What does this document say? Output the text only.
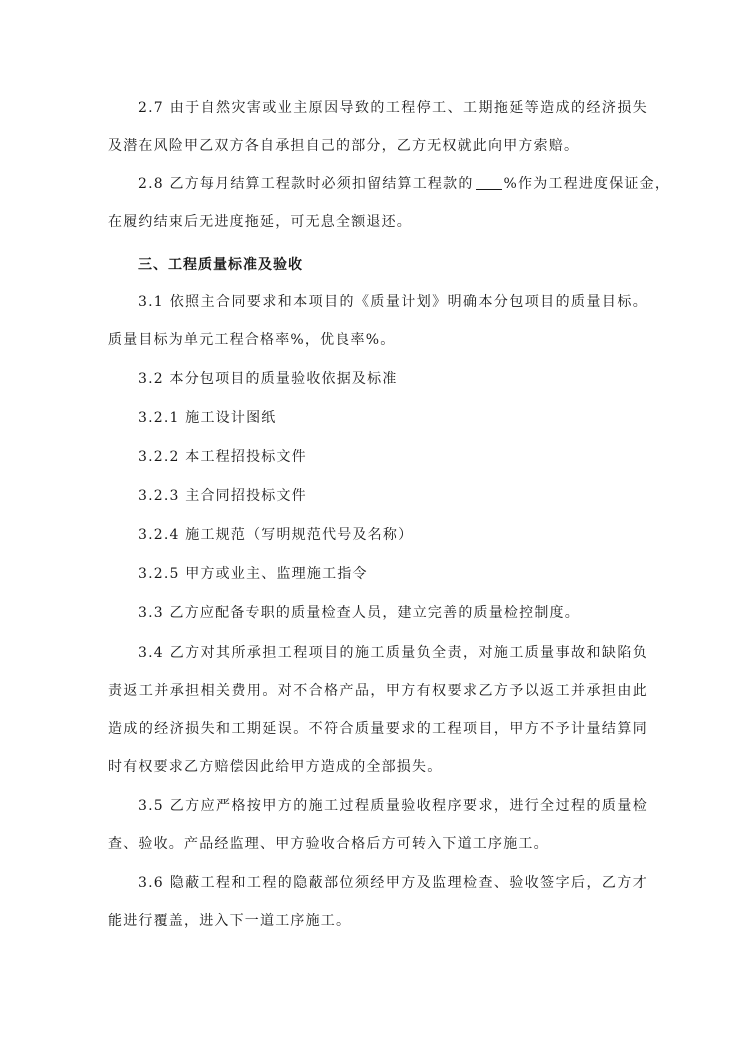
2.7 由于自然灾害或业主原因导致的工程停工、工期拖延等造成的经济损失
及潜在风险甲乙双方各自承担自己的部分，乙方无权就此向甲方索赔。
2.8 乙方每月结算工程款时必须扣留结算工程款的 %作为工程进度保证金，
在履约结束后无进度拖延，可无息全额退还。
三、工程质量标准及验收
3.1 依照主合同要求和本项目的《质量计划》明确本分包项目的质量目标。
质量目标为单元工程合格率%，优良率%。
3.2 本分包项目的质量验收依据及标准
3.2.1 施工设计图纸
3.2.2 本工程招投标文件
3.2.3 主合同招投标文件
3.2.4 施工规范（写明规范代号及名称）
3.2.5 甲方或业主、监理施工指令
3.3 乙方应配备专职的质量检查人员，建立完善的质量检控制度。
3.4 乙方对其所承担工程项目的施工质量负全责，对施工质量事故和缺陷负
责返工并承担相关费用。对不合格产品，甲方有权要求乙方予以返工并承担由此
造成的经济损失和工期延误。不符合质量要求的工程项目，甲方不予计量结算同
时有权要求乙方赔偿因此给甲方造成的全部损失。
3.5 乙方应严格按甲方的施工过程质量验收程序要求，进行全过程的质量检
查、验收。产品经监理、甲方验收合格后方可转入下道工序施工。
3.6 隐蔽工程和工程的隐蔽部位须经甲方及监理检查、验收签字后，乙方才
能进行覆盖，进入下一道工序施工。
